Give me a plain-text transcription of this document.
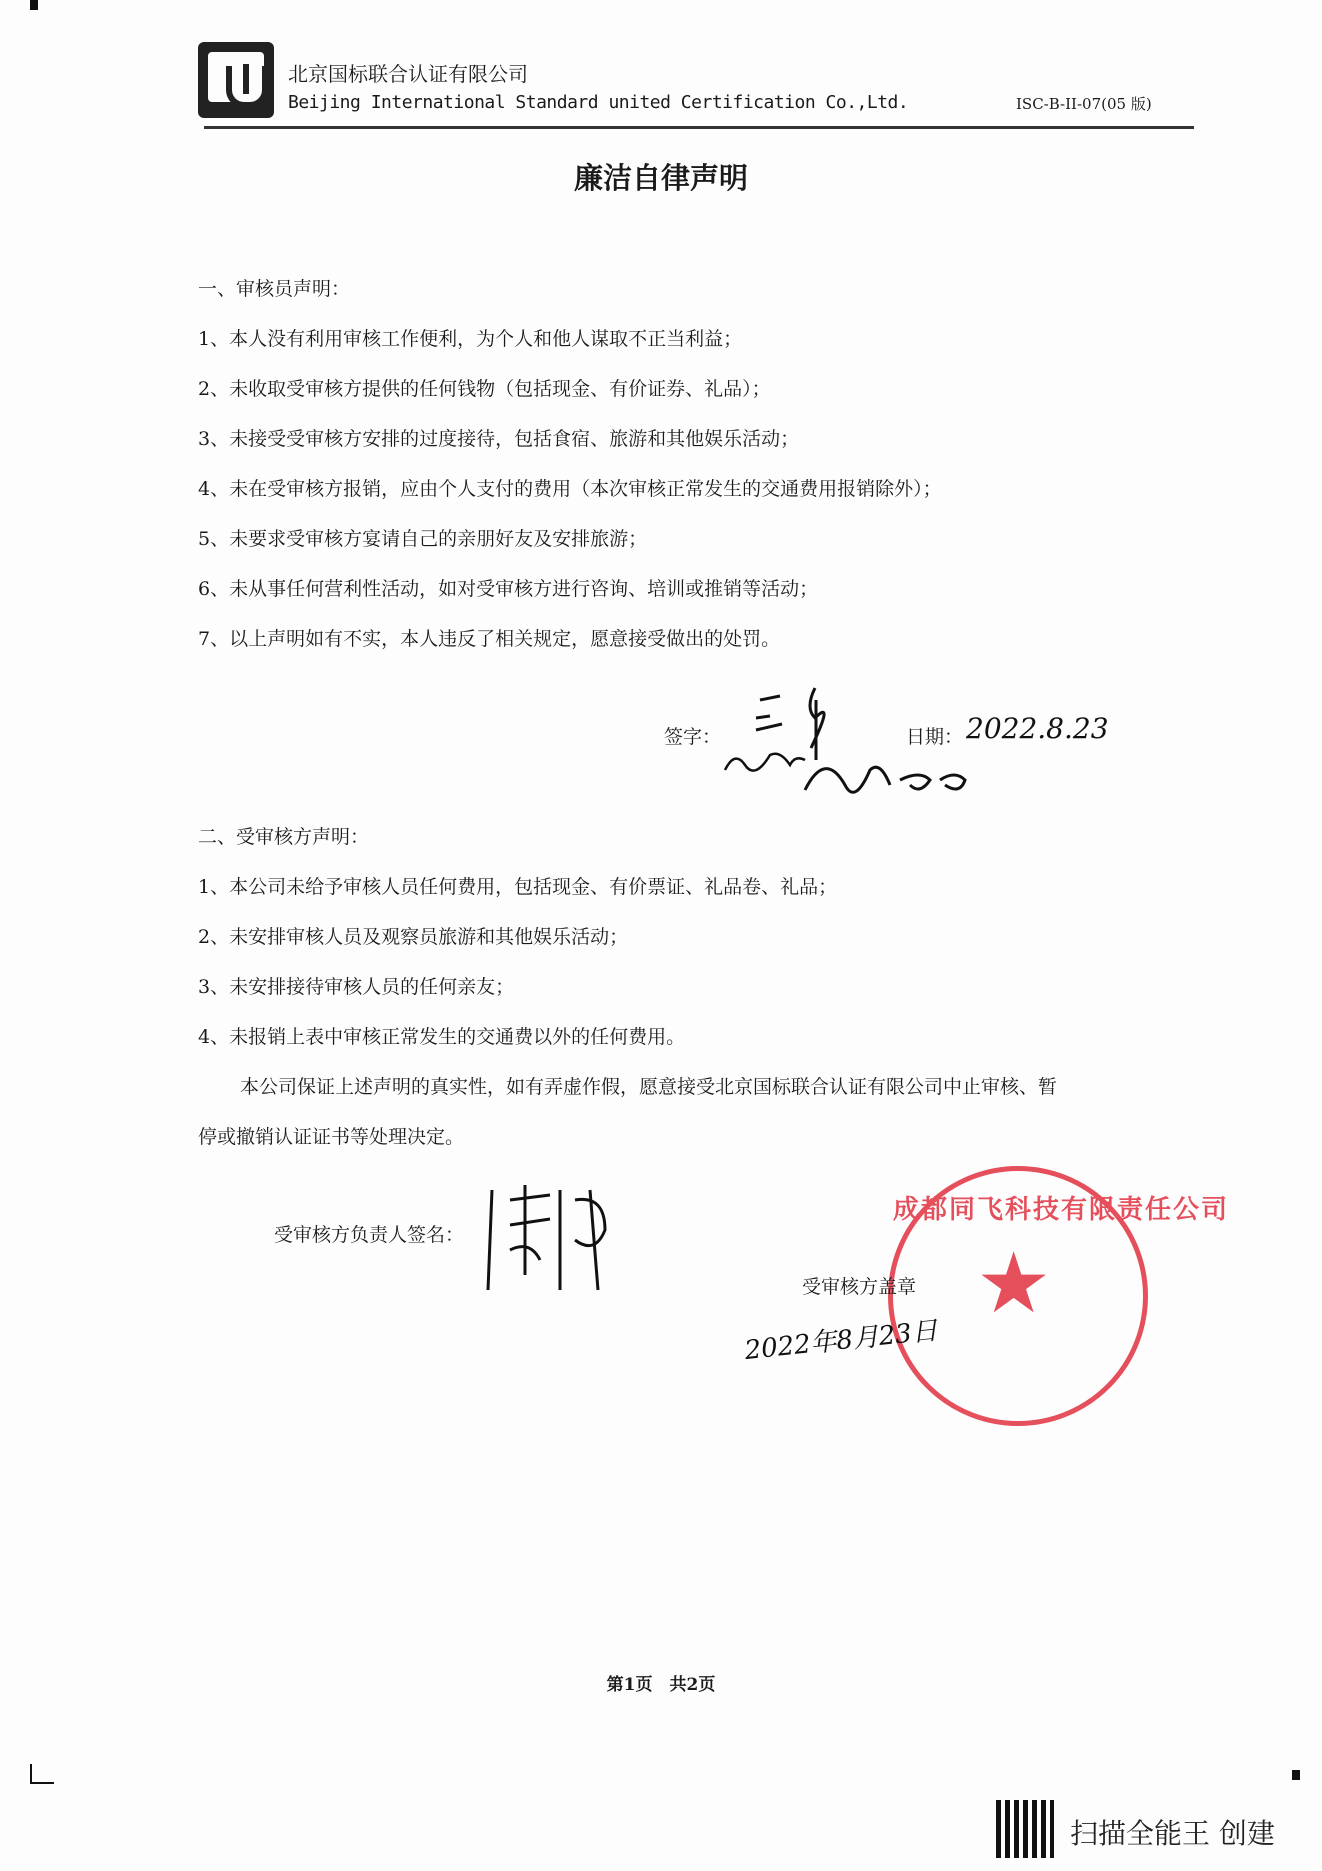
北京国标联合认证有限公司
Beijing International Standard united Certification Co.,Ltd.	ISC-B-II-07(05 版)
廉洁自律声明
一、审核员声明：
1、本人没有利用审核工作便利，为个人和他人谋取不正当利益；
2、未收取受审核方提供的任何钱物（包括现金、有价证券、礼品）；
3、未接受受审核方安排的过度接待，包括食宿、旅游和其他娱乐活动；
4、未在受审核方报销，应由个人支付的费用（本次审核正常发生的交通费用报销除外）；
5、未要求受审核方宴请自己的亲朋好友及安排旅游；
6、未从事任何营利性活动，如对受审核方进行咨询、培训或推销等活动；
7、以上声明如有不实，本人违反了相关规定，愿意接受做出的处罚。
签字：	日期： 2022.8.23
二、受审核方声明：
1、本公司未给予审核人员任何费用，包括现金、有价票证、礼品卷、礼品；
2、未安排审核人员及观察员旅游和其他娱乐活动；
3、未安排接待审核人员的任何亲友；
4、未报销上表中审核正常发生的交通费以外的任何费用。
本公司保证上述声明的真实性，如有弄虚作假，愿意接受北京国标联合认证有限公司中止审核、暂
停或撤销认证证书等处理决定。
受审核方负责人签名：
成都同飞科技有限责任公司
★
受审核方盖章
2022年8月23日
第1页　共2页
扫描全能王 创建
